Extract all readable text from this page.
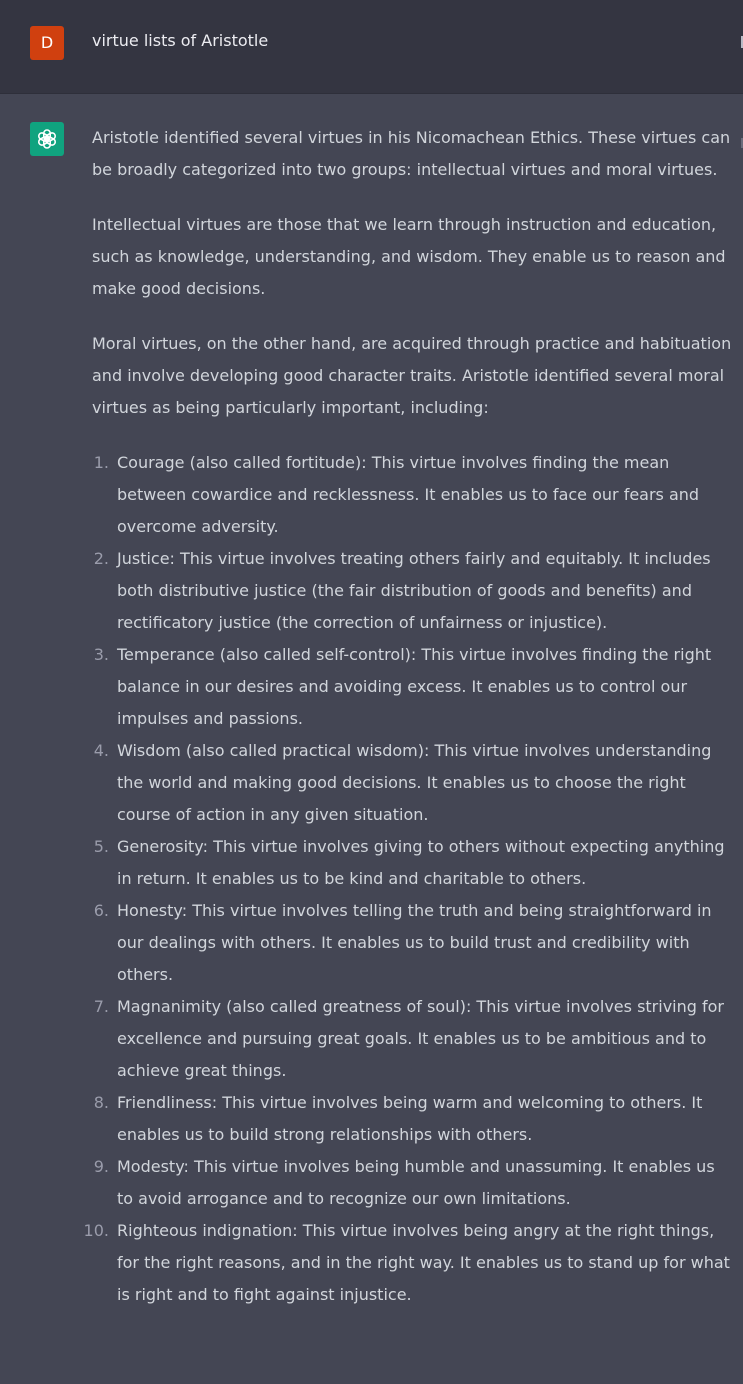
D	virtue lists of Aristotle

Aristotle identified several virtues in his Nicomachean Ethics. These virtues can be broadly categorized into two groups: intellectual virtues and moral virtues.

Intellectual virtues are those that we learn through instruction and education, such as knowledge, understanding, and wisdom. They enable us to reason and make good decisions.

Moral virtues, on the other hand, are acquired through practice and habituation and involve developing good character traits. Aristotle identified several moral virtues as being particularly important, including:

1. Courage (also called fortitude): This virtue involves finding the mean between cowardice and recklessness. It enables us to face our fears and overcome adversity.
2. Justice: This virtue involves treating others fairly and equitably. It includes both distributive justice (the fair distribution of goods and benefits) and rectificatory justice (the correction of unfairness or injustice).
3. Temperance (also called self-control): This virtue involves finding the right balance in our desires and avoiding excess. It enables us to control our impulses and passions.
4. Wisdom (also called practical wisdom): This virtue involves understanding the world and making good decisions. It enables us to choose the right course of action in any given situation.
5. Generosity: This virtue involves giving to others without expecting anything in return. It enables us to be kind and charitable to others.
6. Honesty: This virtue involves telling the truth and being straightforward in our dealings with others. It enables us to build trust and credibility with others.
7. Magnanimity (also called greatness of soul): This virtue involves striving for excellence and pursuing great goals. It enables us to be ambitious and to achieve great things.
8. Friendliness: This virtue involves being warm and welcoming to others. It enables us to build strong relationships with others.
9. Modesty: This virtue involves being humble and unassuming. It enables us to avoid arrogance and to recognize our own limitations.
10. Righteous indignation: This virtue involves being angry at the right things, for the right reasons, and in the right way. It enables us to stand up for what is right and to fight against injustice.
